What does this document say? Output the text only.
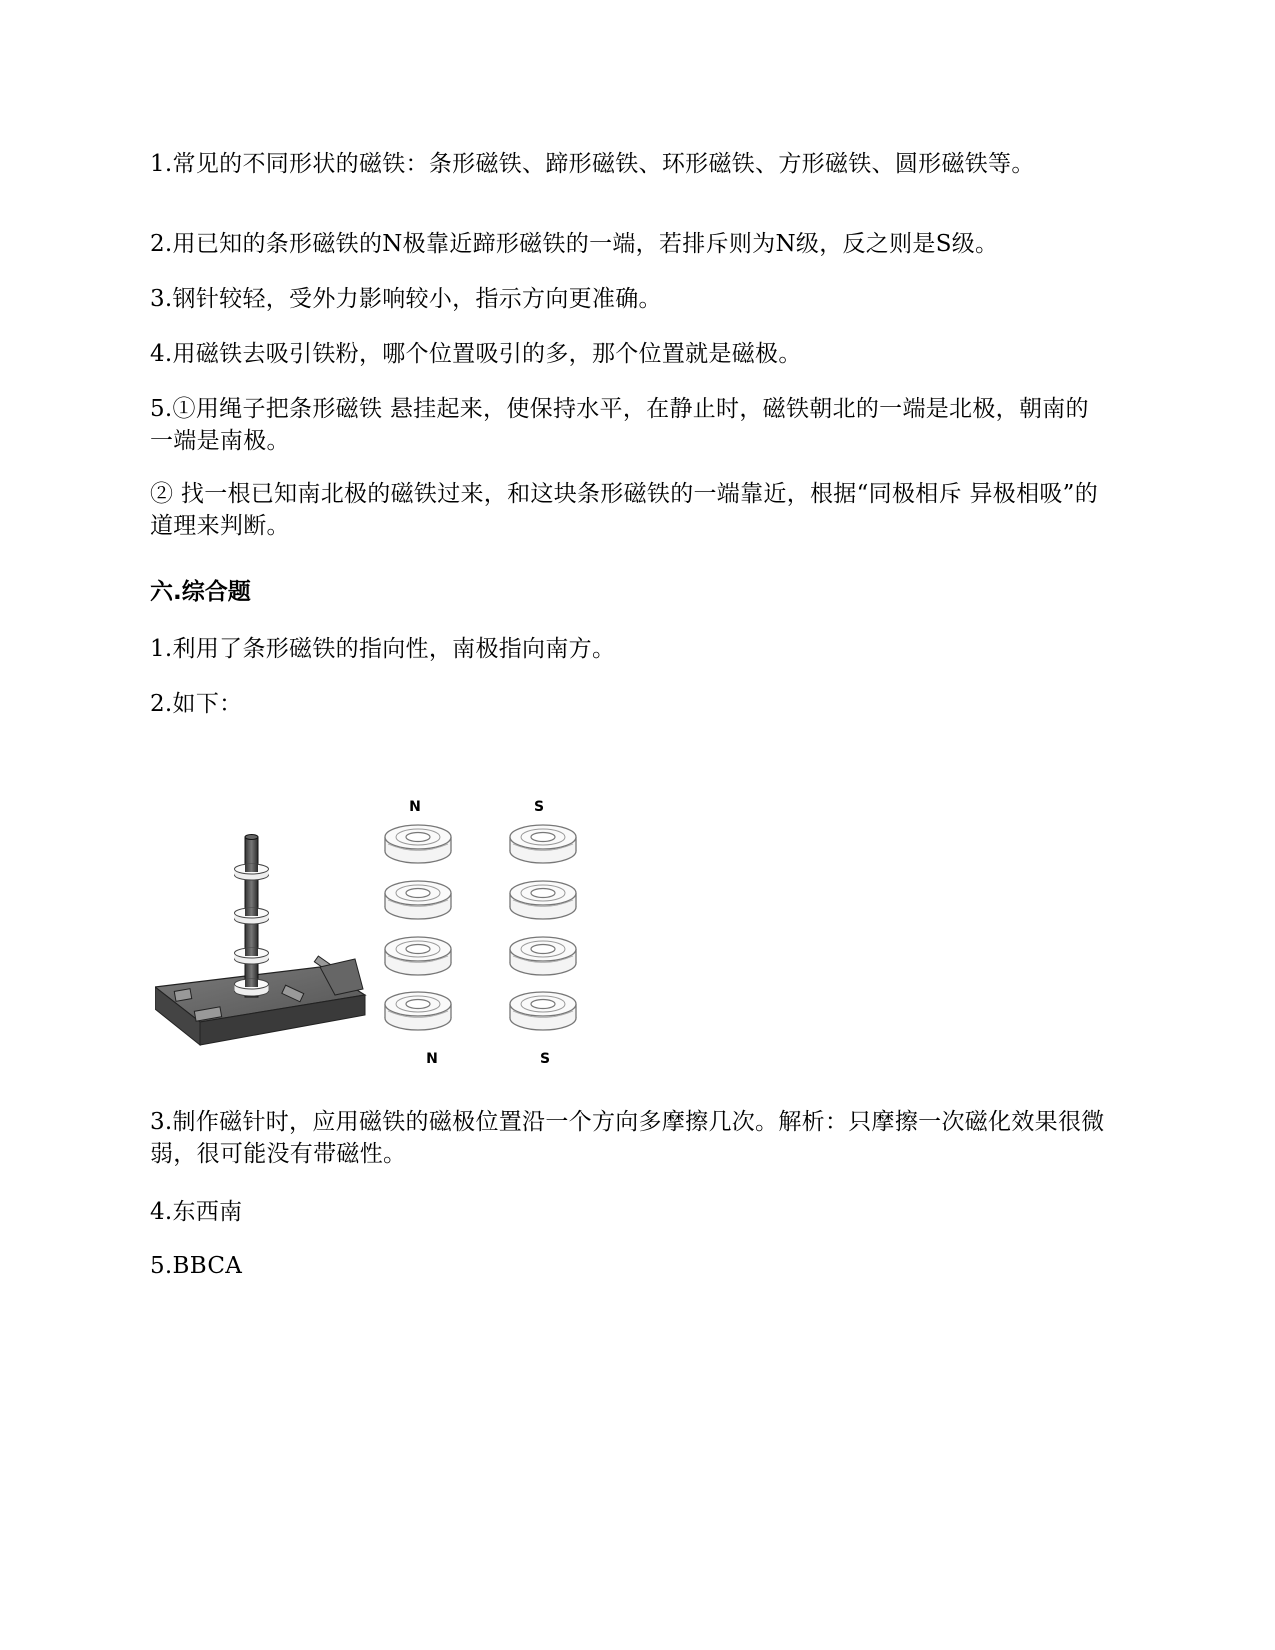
1.常见的不同形状的磁铁：条形磁铁、蹄形磁铁、环形磁铁、方形磁铁、圆形磁铁等。
2.用已知的条形磁铁的N极靠近蹄形磁铁的一端，若排斥则为N级，反之则是S级。
3.钢针较轻，受外力影响较小，指示方向更准确。
4.用磁铁去吸引铁粉，哪个位置吸引的多，那个位置就是磁极。
5.①用绳子把条形磁铁 悬挂起来，使保持水平，在静止时，磁铁朝北的一端是北极，朝南的一端是南极。
② 找一根已知南北极的磁铁过来，和这块条形磁铁的一端靠近，根据“同极相斥 异极相吸”的道理来判断。
六.综合题
1.利用了条形磁铁的指向性，南极指向南方。
2.如下：
N	S
N	S
3.制作磁针时，应用磁铁的磁极位置沿一个方向多摩擦几次。解析：只摩擦一次磁化效果很微弱，很可能没有带磁性。
4.东西南
5.BBCA
